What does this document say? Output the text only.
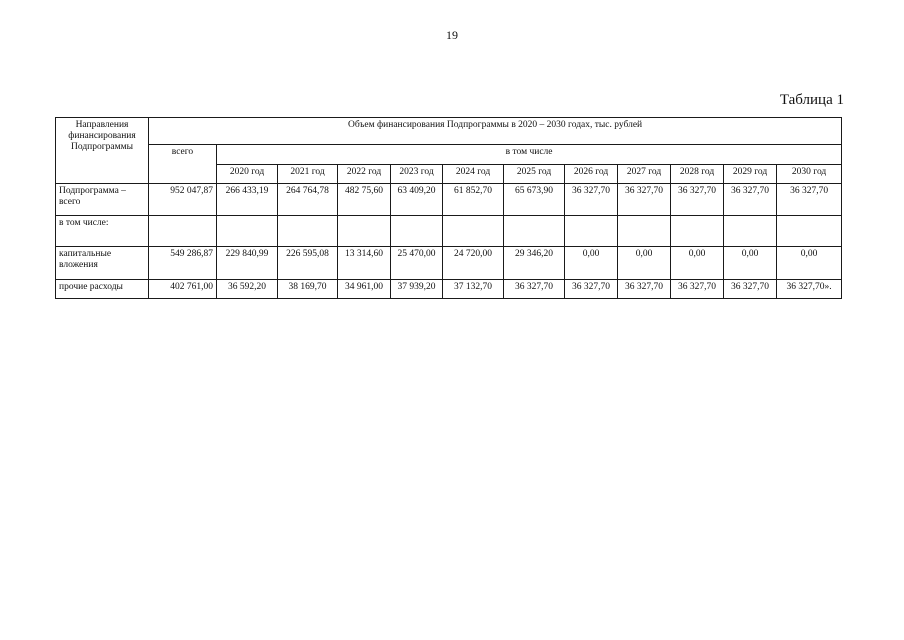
19
Таблица 1
Направления финансирования Подпрограммы	Объем финансирования Подпрограммы в 2020 – 2030 годах, тыс. рублей											
	всего	в том числе										
		2020 год	2021 год	2022 год	2023 год	2024 год	2025 год	2026 год	2027 год	2028 год	2029 год	2030 год
Подпрограмма – всего	952 047,87	266 433,19	264 764,78	482 75,60	63 409,20	61 852,70	65 673,90	36 327,70	36 327,70	36 327,70	36 327,70	36 327,70
в том числе:												
капитальные вложения	549 286,87	229 840,99	226 595,08	13 314,60	25 470,00	24 720,00	29 346,20	0,00	0,00	0,00	0,00	0,00
прочие расходы	402 761,00	36 592,20	38 169,70	34 961,00	37 939,20	37 132,70	36 327,70	36 327,70	36 327,70	36 327,70	36 327,70	36 327,70».
